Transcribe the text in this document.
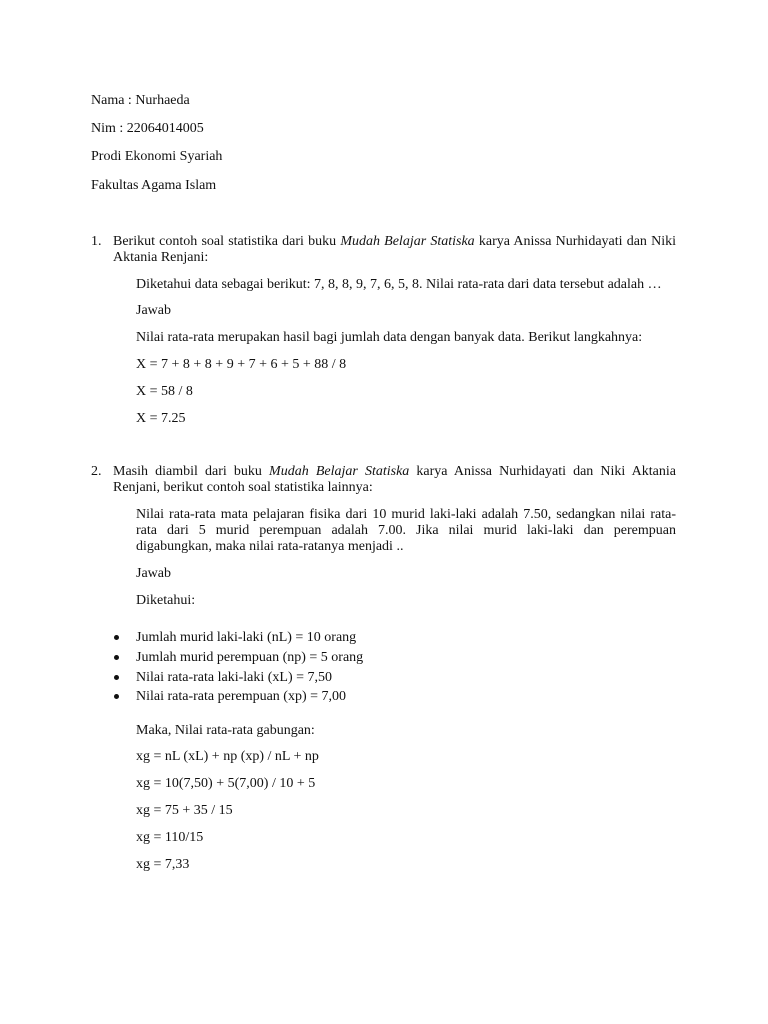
Nama : Nurhaeda
Nim : 22064014005
Prodi Ekonomi Syariah
Fakultas Agama Islam
1. Berikut contoh soal statistika dari buku Mudah Belajar Statiska karya Anissa Nurhidayati dan Niki Aktania Renjani:
Diketahui data sebagai berikut: 7, 8, 8, 9, 7, 6, 5, 8. Nilai rata-rata dari data tersebut adalah …
Jawab
Nilai rata-rata merupakan hasil bagi jumlah data dengan banyak data. Berikut langkahnya:
X = 7 + 8 + 8 + 9 + 7 + 6 + 5 + 88 / 8
X = 58 / 8
X = 7.25
2. Masih diambil dari buku Mudah Belajar Statiska karya Anissa Nurhidayati dan Niki Aktania Renjani, berikut contoh soal statistika lainnya:
Nilai rata-rata mata pelajaran fisika dari 10 murid laki-laki adalah 7.50, sedangkan nilai rata-rata dari 5 murid perempuan adalah 7.00. Jika nilai murid laki-laki dan perempuan digabungkan, maka nilai rata-ratanya menjadi ..
Jawab
Diketahui:
Jumlah murid laki-laki (nL) = 10 orang
Jumlah murid perempuan (np) = 5 orang
Nilai rata-rata laki-laki (xL) = 7,50
Nilai rata-rata perempuan (xp) = 7,00
Maka, Nilai rata-rata gabungan:
xg = nL (xL) + np (xp) / nL + np
xg = 10(7,50) + 5(7,00) / 10 + 5
xg = 75 + 35 / 15
xg = 110/15
xg = 7,33
